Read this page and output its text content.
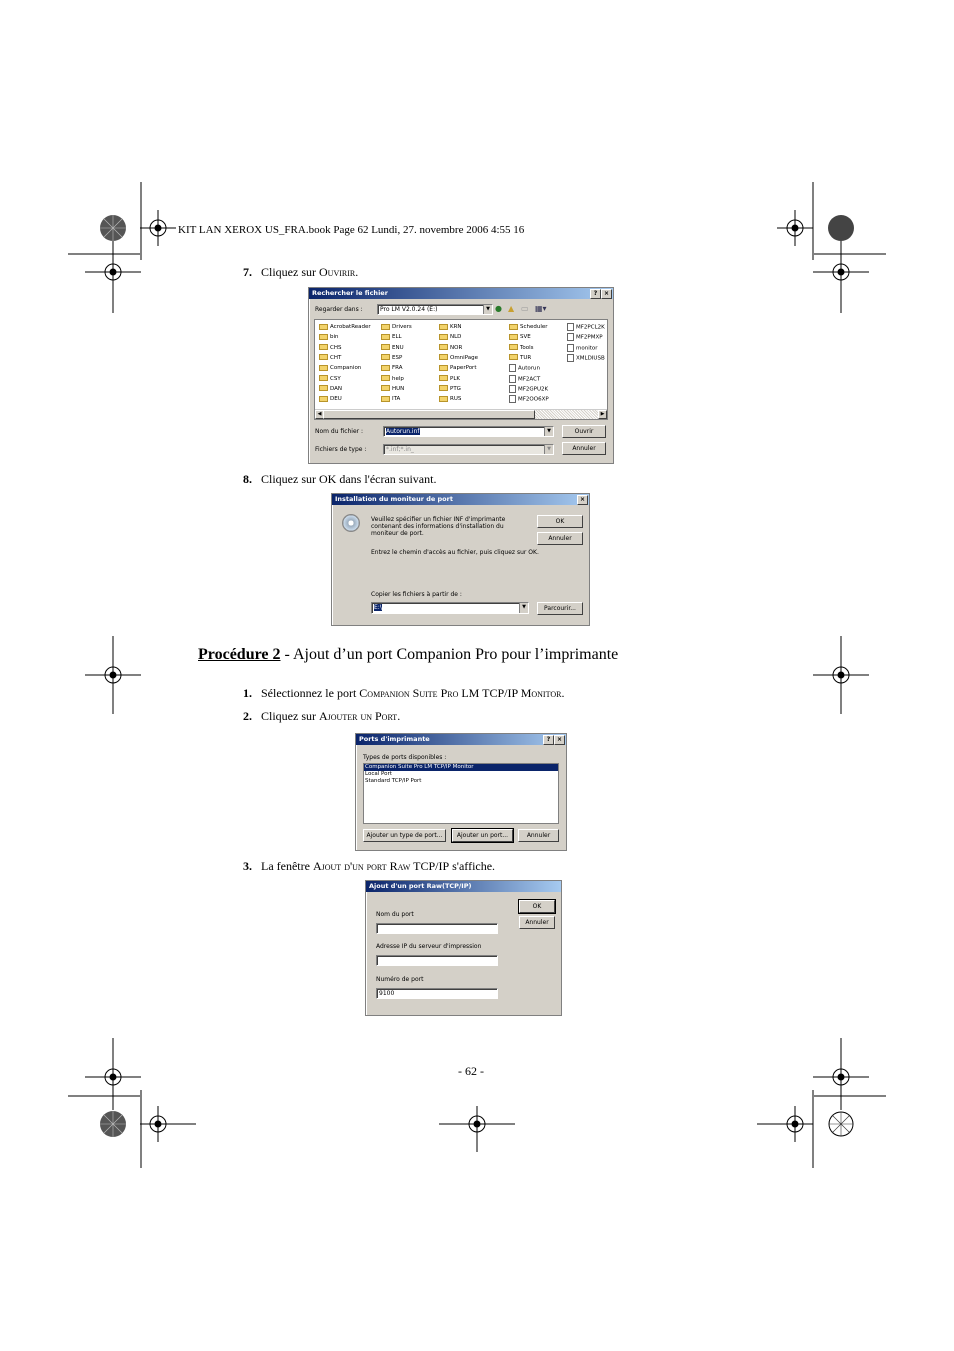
KIT LAN XEROX US_FRA.book Page 62 Lundi, 27. novembre 2006 4:55 16
7. Cliquez sur Ouvirir.
Rechercher le fichier	?	×
Regarder dans :	Pro LM V2.0.24 (E:)	▼ ● ▲ ▭ ▦▾
AcrobatReader
bin
CHS
CHT
Companion
CSY
DAN
DEU
Drivers
ELL
ENU
ESP
FRA
help
HUN
ITA
KRN
NLD
NOR
OmniPage
PaperPort
PLK
PTG
RUS
Scheduler
SVE
Tools
TUR
Autorun
MF2ACT
MF2GPU2K
MF2OO6XP
MF2PCL2K
MF2PMXP
monitor
XMLDIUSB
◀	▶
Nom du fichier :	Autorun.inf	▼	Ouvrir
Fichiers de type :	*.inf;*.in_	▼	Annuler
8. Cliquez sur OK dans l'écran suivant.
Installation du moniteur de port	×
Veuillez spécifier un fichier INF d'imprimante contenant des informations d'installation du moniteur de port.
Entrez le chemin d'accès au fichier, puis cliquez sur OK.
OK
Annuler
Copier les fichiers à partir de :
E:\	▼	Parcourir...
Procédure 2 - Ajout d’un port Companion Pro pour l’imprimante
1. Sélectionnez le port Companion Suite Pro LM TCP/IP Monitor.
2. Cliquez sur Ajouter un Port.
Ports d'imprimante	?	×
Types de ports disponibles :
Companion Suite Pro LM TCP/IP Monitor
Local Port
Standard TCP/IP Port
Ajouter un type de port...	Ajouter un port...	Annuler
3. La fenêtre Ajout d'un port Raw TCP/IP s'affiche.
Ajout d'un port Raw(TCP/IP)
Nom du port
Adresse IP du serveur d'impression
Numéro de port
9100
OK
Annuler
- 62 -
